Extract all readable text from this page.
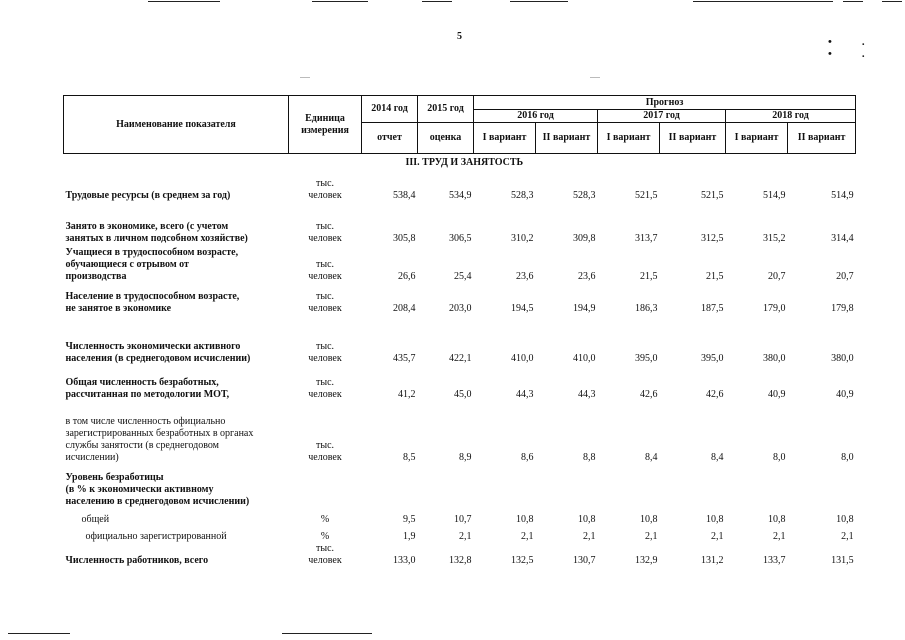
5	•. •.
Наименование показателя	Единица измерения	2014 год	2015 год	Прогноз
2016 год	2017 год	2018 год
отчет	оценка	I вариант	II вариант	I вариант	II вариант	I вариант	II вариант
				III. ТРУД И ЗАНЯТОСТЬ

Трудовые ресурсы (в среднем за год)	тыс.
человек	538,4	534,9	528,3	528,3	521,5	521,5	514,9	514,9

Занято в экономике, всего (с учетом
занятых в личном подсобном хозяйстве)	тыс.
человек	305,8	306,5	310,2	309,8	313,7	312,5	315,2	314,4

Учащиеся в трудоспособном возрасте,
обучающиеся с отрывом от
производства	тыс.
человек	26,6	25,4	23,6	23,6	21,5	21,5	20,7	20,7

Население в трудоспособном возрасте,
не занятое в экономике	тыс.
человек	208,4	203,0	194,5	194,9	186,3	187,5	179,0	179,8

Численность экономически активного
населения (в среднегодовом исчислении)	тыс.
человек	435,7	422,1	410,0	410,0	395,0	395,0	380,0	380,0

Общая численность безработных,
рассчитанная по методологии МОТ,	тыс.
человек	41,2	45,0	44,3	44,3	42,6	42,6	40,9	40,9

в том числе численность официально
зарегистрированных безработных в органах
службы занятости (в среднегодовом
исчислении)	тыс.
человек	8,5	8,9	8,6	8,8	8,4	8,4	8,0	8,0

Уровень безработицы
(в % к экономически активному
населению в среднегодовом исчислении)

общей	%	9,5	10,7	10,8	10,8	10,8	10,8	10,8	10,8

официально зарегистрированной	%	1,9	2,1	2,1	2,1	2,1	2,1	2,1	2,1

Численность работников, всего	тыс.
человек	133,0	132,8	132,5	130,7	132,9	131,2	133,7	131,5
